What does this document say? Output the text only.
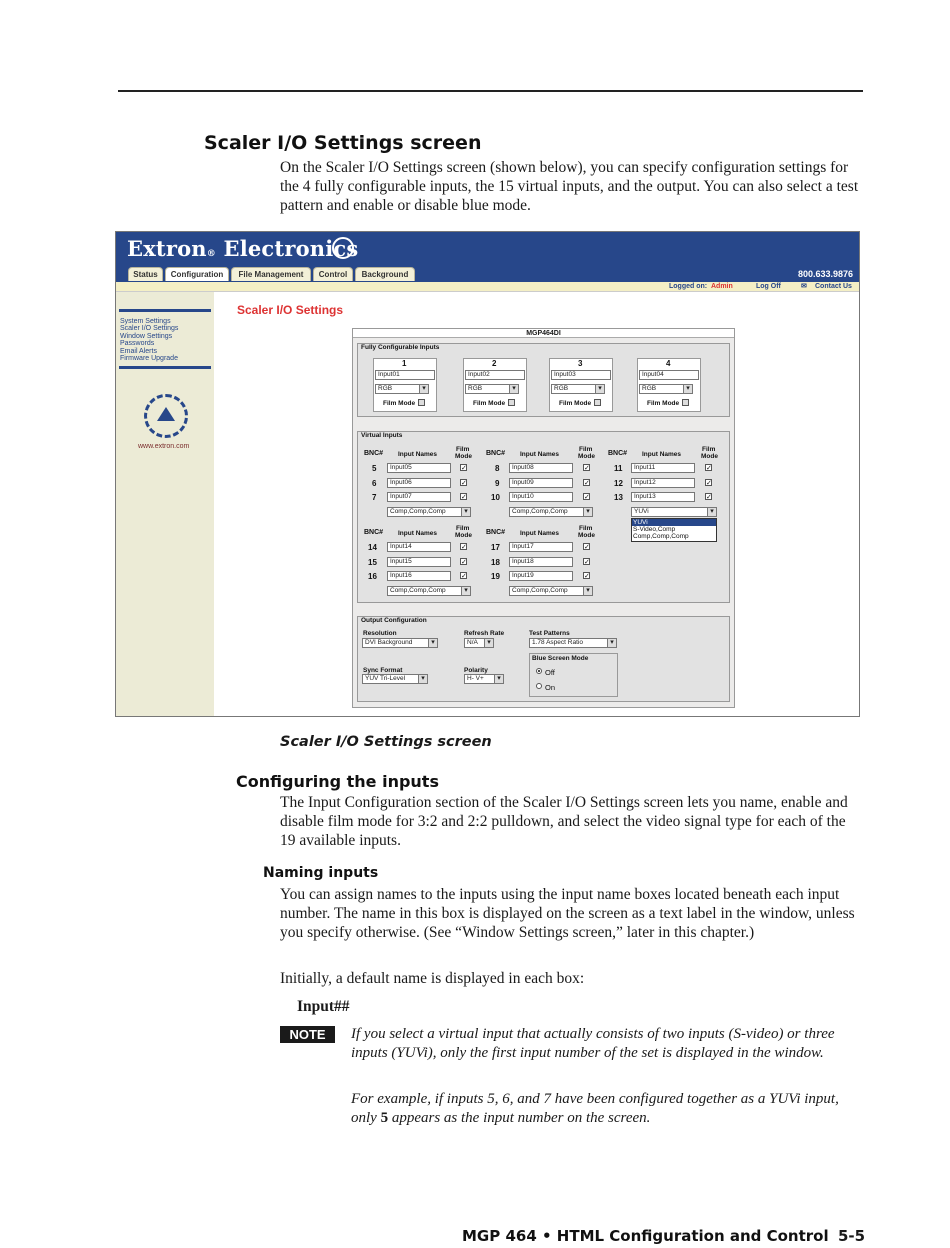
Scaler I/O Settings screen
On the Scaler I/O Settings screen (shown below), you can specify configuration settings for the 4 fully configurable inputs, the 15 virtual inputs, and the output. You can also select a test pattern and enable or disable blue mode.
Extron® Electronics
Status	Configuration	File Management	Control	Background	800.633.9876
Logged on: Admin	Log Off	✉ Contact Us
System Settings
Scaler I/O Settings
Window Settings
Passwords
Email Alerts
Firmware Upgrade
www.extron.com
Scaler I/O Settings
MGP464DI
Fully Configurable Inputs
1
Input01
RGB ▾
Film Mode
2
Input02
RGB ▾
Film Mode
3
Input03
RGB ▾
Film Mode
4
Input04
RGB ▾
Film Mode
Virtual Inputs
BNC# Input Names
Film
Mode
5	Input05	✓
6	Input06	✓
7	Input07	✓
Comp,Comp,Comp ▾
BNC# Input Names
Film
Mode
8	Input08	✓
9	Input09	✓
10	Input10	✓
Comp,Comp,Comp ▾
BNC# Input Names
Film
Mode
11	Input11	✓
12	Input12	✓
13	Input13	✓
YUVi ▾
YUVi
S-Video,Comp
Comp,Comp,Comp
BNC# Input Names
Film
Mode
14	Input14	✓
15	Input15	✓
16	Input16	✓
Comp,Comp,Comp ▾
BNC# Input Names
Film
Mode
17	Input17	✓
18	Input18	✓
19	Input19	✓
Comp,Comp,Comp ▾
Output Configuration
Resolution
DVI Background ▾
Refresh Rate
N/A ▾
Test Patterns
1.78 Aspect Ratio ▾
Sync Format
YUV Tri-Level ▾
Polarity
H- V+ ▾
Blue Screen Mode
Off
On
Scaler I/O Settings screen
Configuring the inputs
The Input Configuration section of the Scaler I/O Settings screen lets you name, enable and disable film mode for 3:2 and 2:2 pulldown, and select the video signal type for each of the 19 available inputs.
Naming inputs
You can assign names to the inputs using the input name boxes located beneath each input number. The name in this box is displayed on the screen as a text label in the window, unless you specify otherwise. (See “Window Settings screen,” later in this chapter.)
Initially, a default name is displayed in each box:
Input##
NOTE	If you select a virtual input that actually consists of two inputs (S-video) or three inputs (YUVi), only the first input number of the set is displayed in the window.
For example, if inputs 5, 6, and 7 have been configured together as a YUVi input, only 5 appears as the input number on the screen.
MGP 464 • HTML Configuration and Control 5-5
